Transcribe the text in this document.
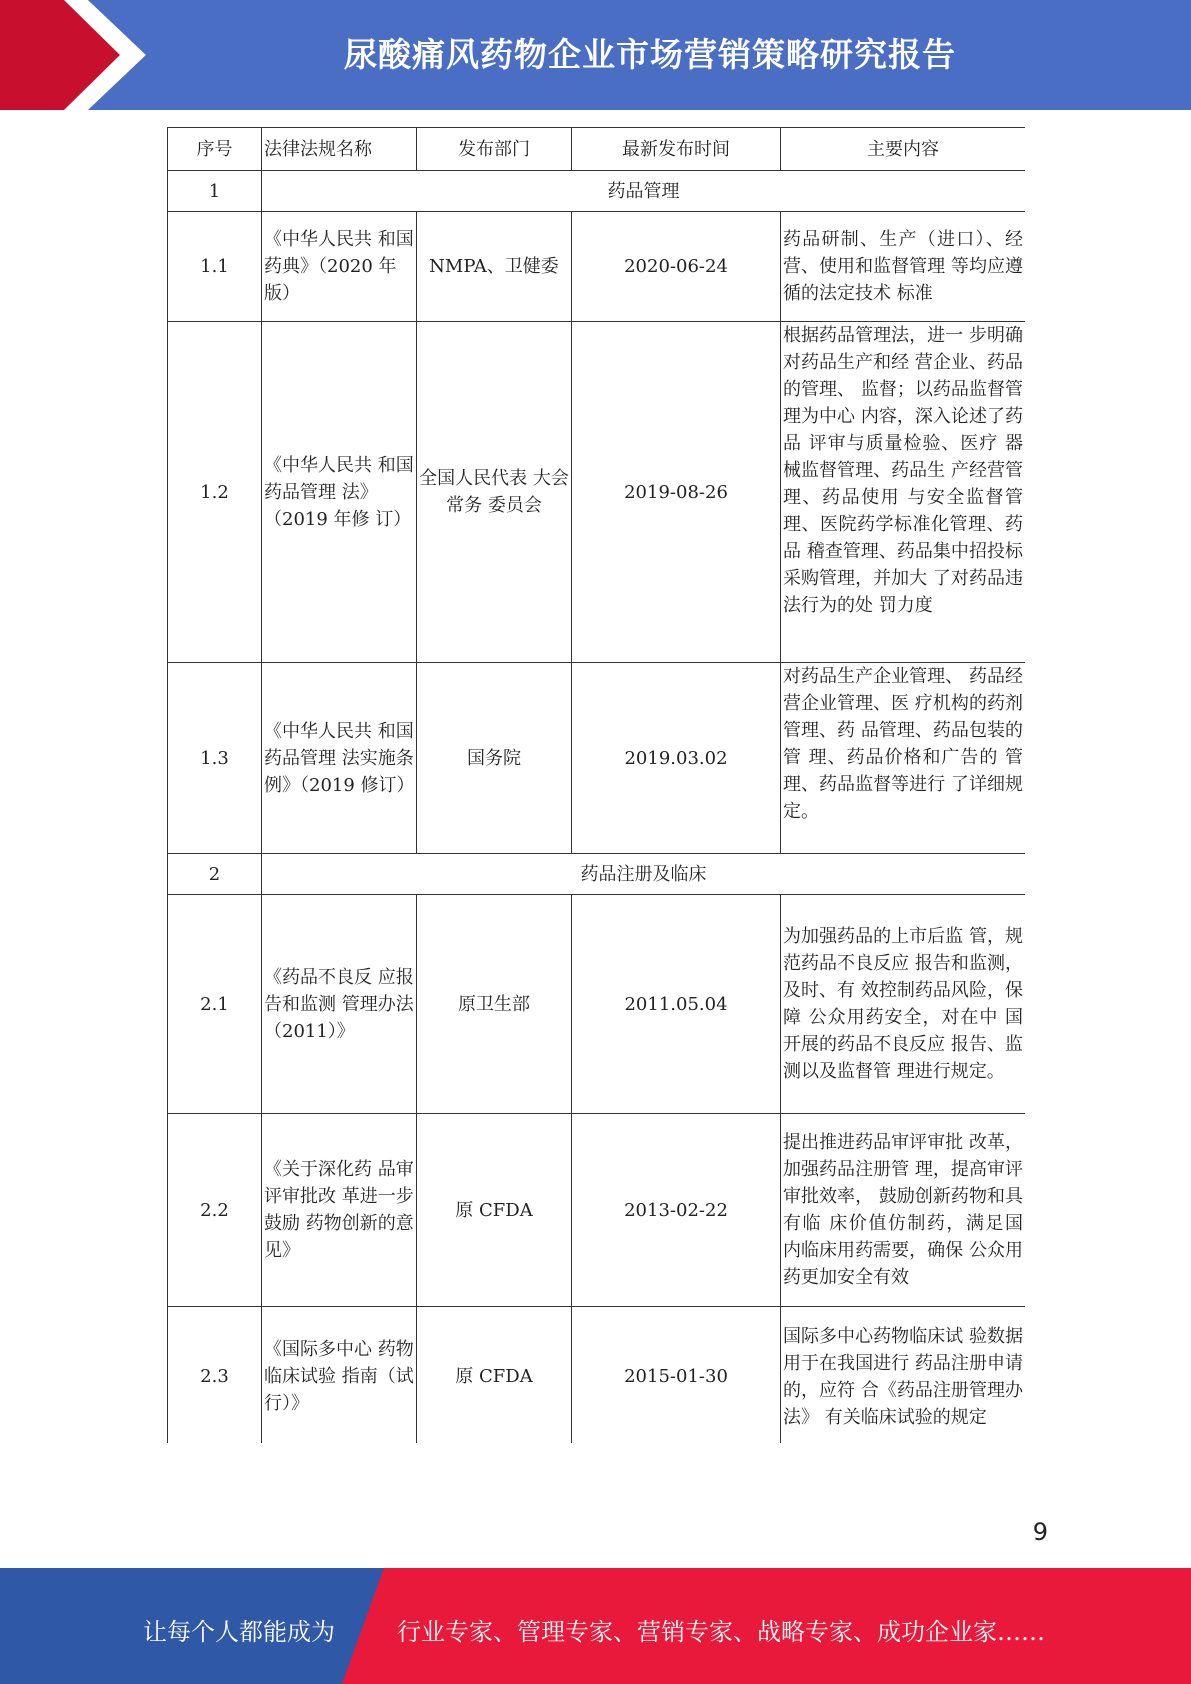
尿酸痛风药物企业市场营销策略研究报告
序号	法律法规名称	发布部门	最新发布时间	主要内容
1	药品管理			
1.1	《中华人民共 和国药典》（2020 年版）	NMPA、卫健委	2020-06-24	药品研制、生产（进口）、经营、使用和监督管理 等均应遵循的法定技术 标准
1.2	《中华人民共 和国药品管理 法》（2019 年修 订）	全国人民代表 大会常务 委员会	2019-08-26	根据药品管理法，进一 步明确对药品生产和经 营企业、药品的管理、 监督；以药品监督管理为中心 内容，深入论述了药品 评审与质量检验、医疗 器械监督管理、药品生 产经营管理、药品使用 与安全监督管理、医院药学标准化管理、药品 稽查管理、药品集中招投标采购管理，并加大 了对药品违法行为的处 罚力度

1.3	《中华人民共 和国药品管理 法实施条例》（2019 修订）	国务院	2019.03.02	对药品生产企业管理、 药品经营企业管理、医 疗机构的药剂管理、药 品管理、药品包装的管 理、药品价格和广告的 管理、药品监督等进行 了详细规定。
2	药品注册及临床			
2.1	《药品不良反 应报告和监测 管理办法（2011）》	原卫生部	2011.05.04	为加强药品的上市后监 管，规范药品不良反应 报告和监测，及时、有 效控制药品风险，保障 公众用药安全，对在中 国开展的药品不良反应 报告、监测以及监督管 理进行规定。
2.2	《关于深化药 品审评审批改 革进一步鼓励 药物创新的意 见》	原 CFDA	2013-02-22	提出推进药品审评审批 改革，加强药品注册管 理，提高审评审批效率， 鼓励创新药物和具有临 床价值仿制药，满足国 内临床用药需要，确保 公众用药更加安全有效
2.3	《国际多中心 药物临床试验 指南（试行）》	原 CFDA	2015-01-30	国际多中心药物临床试 验数据用于在我国进行 药品注册申请的，应符 合《药品注册管理办法》 有关临床试验的规定
9
让每个人都能成为	行业专家、管理专家、营销专家、战略专家、成功企业家……
